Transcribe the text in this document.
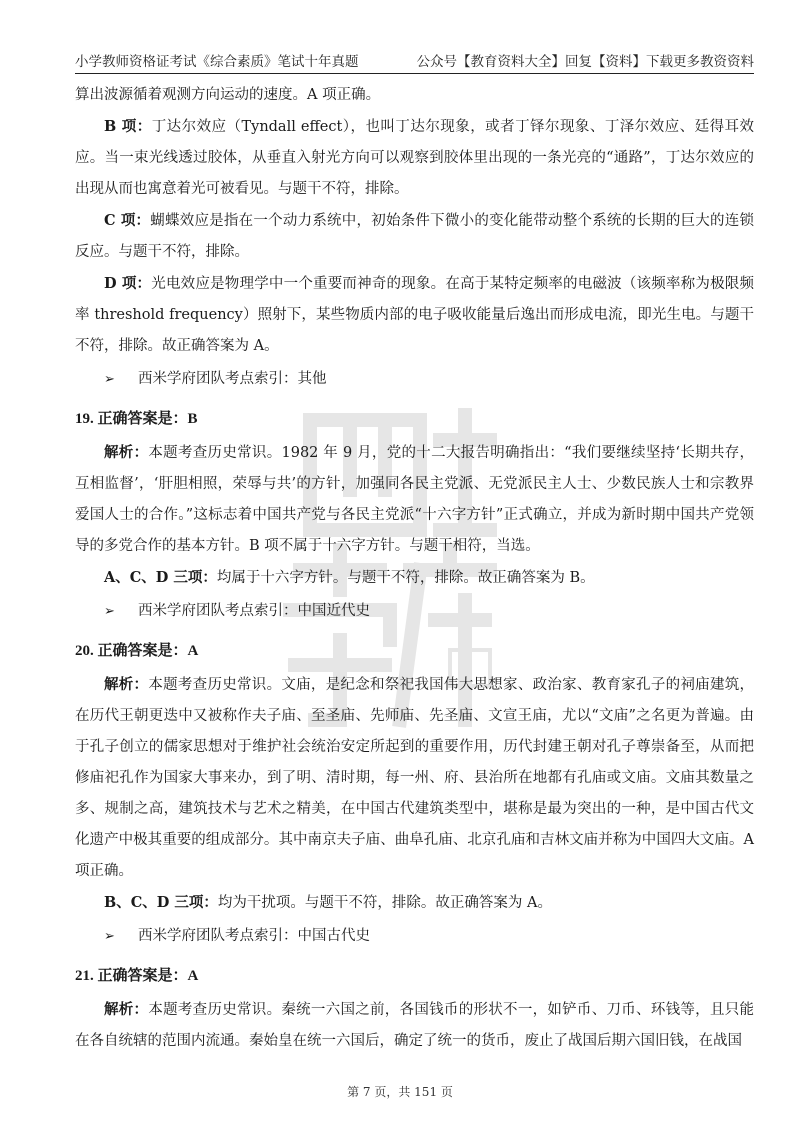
小学教师资格证考试《综合素质》笔试十年真题	公众号【教育资料大全】回复【资料】下载更多教资资料

算出波源循着观测方向运动的速度。A 项正确。

B 项：丁达尔效应（Tyndall effect），也叫丁达尔现象，或者丁铎尔现象、丁泽尔效应、廷得耳效应。当一束光线透过胶体，从垂直入射光方向可以观察到胶体里出现的一条光亮的“通路”，丁达尔效应的出现从而也寓意着光可被看见。与题干不符，排除。

C 项：蝴蝶效应是指在一个动力系统中，初始条件下微小的变化能带动整个系统的长期的巨大的连锁反应。与题干不符，排除。

D 项：光电效应是物理学中一个重要而神奇的现象。在高于某特定频率的电磁波（该频率称为极限频率 threshold frequency）照射下，某些物质内部的电子吸收能量后逸出而形成电流，即光生电。与题干不符，排除。故正确答案为 A。

➢ 西米学府团队考点索引：其他

19. 正确答案是：B

解析：本题考查历史常识。1982 年 9 月，党的十二大报告明确指出：“我们要继续坚持‘长期共存，互相监督’，‘肝胆相照，荣辱与共’的方针，加强同各民主党派、无党派民主人士、少数民族人士和宗教界爱国人士的合作。”这标志着中国共产党与各民主党派“十六字方针”正式确立，并成为新时期中国共产党领导的多党合作的基本方针。B 项不属于十六字方针。与题干相符，当选。

A、C、D 三项：均属于十六字方针。与题干不符，排除。故正确答案为 B。

➢ 西米学府团队考点索引：中国近代史

20. 正确答案是：A

解析：本题考查历史常识。文庙，是纪念和祭祀我国伟大思想家、政治家、教育家孔子的祠庙建筑，在历代王朝更迭中又被称作夫子庙、至圣庙、先师庙、先圣庙、文宣王庙，尤以“文庙”之名更为普遍。由于孔子创立的儒家思想对于维护社会统治安定所起到的重要作用，历代封建王朝对孔子尊崇备至，从而把修庙祀孔作为国家大事来办，到了明、清时期，每一州、府、县治所在地都有孔庙或文庙。文庙其数量之多、规制之高，建筑技术与艺术之精美，在中国古代建筑类型中，堪称是最为突出的一种，是中国古代文化遗产中极其重要的组成部分。其中南京夫子庙、曲阜孔庙、北京孔庙和吉林文庙并称为中国四大文庙。A 项正确。

B、C、D 三项：均为干扰项。与题干不符，排除。故正确答案为 A。

➢ 西米学府团队考点索引：中国古代史

21. 正确答案是：A

解析：本题考查历史常识。秦统一六国之前，各国钱币的形状不一，如铲币、刀币、环钱等，且只能在各自统辖的范围内流通。秦始皇在统一六国后，确定了统一的货币，废止了战国后期六国旧钱，在战国

第 7 页，共 151 页
